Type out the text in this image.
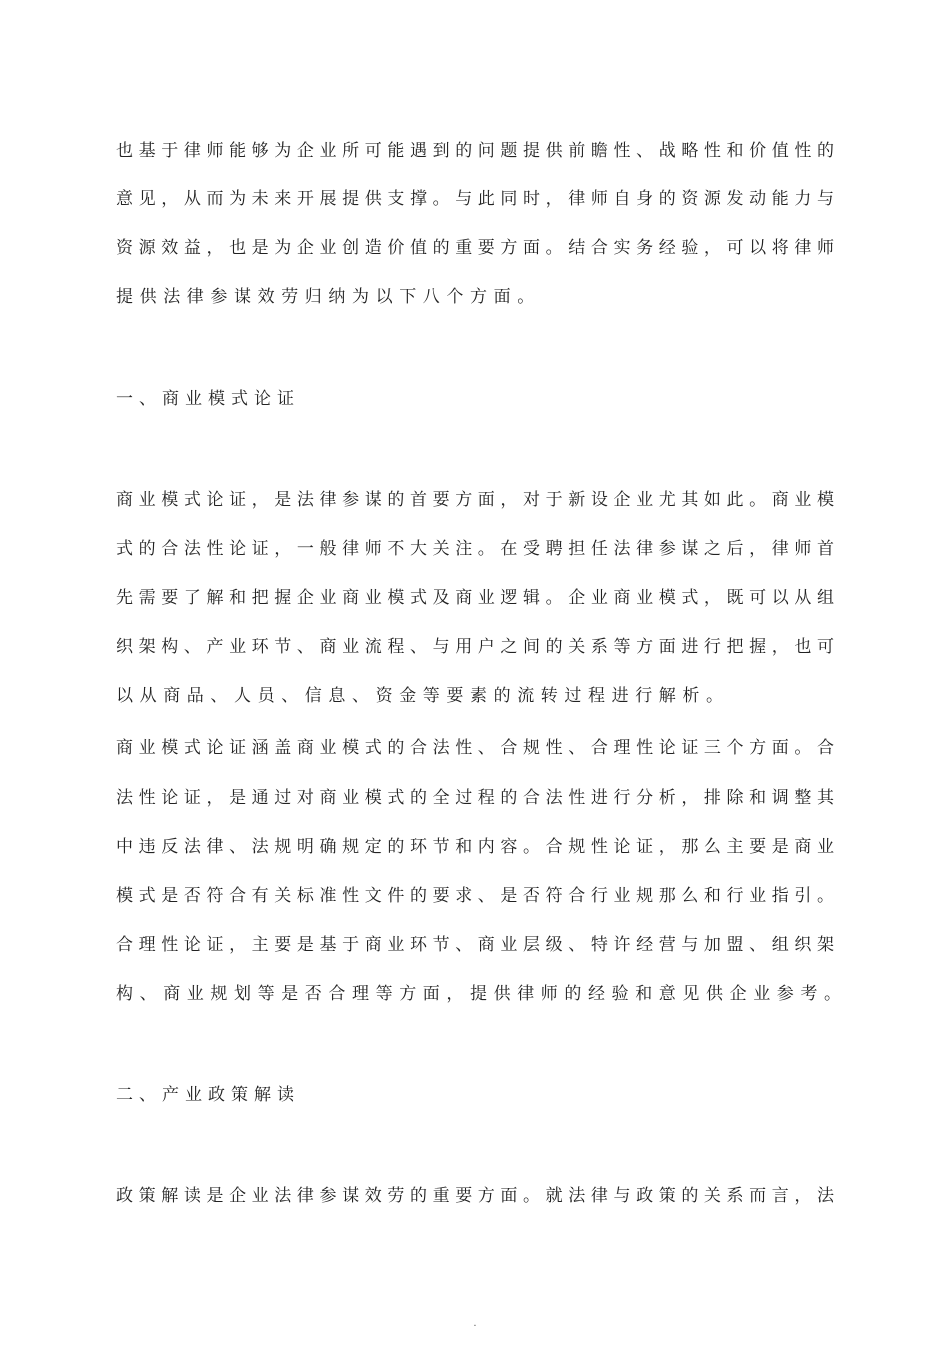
也基于律师能够为企业所可能遇到的问题提供前瞻性、战略性和价值性的
意见，从而为未来开展提供支撑。与此同时，律师自身的资源发动能力与
资源效益，也是为企业创造价值的重要方面。结合实务经验，可以将律师
提供法律参谋效劳归纳为以下八个方面。
一、商业模式论证
商业模式论证，是法律参谋的首要方面，对于新设企业尤其如此。商业模
式的合法性论证，一般律师不大关注。在受聘担任法律参谋之后，律师首
先需要了解和把握企业商业模式及商业逻辑。企业商业模式，既可以从组
织架构、产业环节、商业流程、与用户之间的关系等方面进行把握，也可
以从商品、人员、信息、资金等要素的流转过程进行解析。
商业模式论证涵盖商业模式的合法性、合规性、合理性论证三个方面。合
法性论证，是通过对商业模式的全过程的合法性进行分析，排除和调整其
中违反法律、法规明确规定的环节和内容。合规性论证，那么主要是商业
模式是否符合有关标准性文件的要求、是否符合行业规那么和行业指引。
合理性论证，主要是基于商业环节、商业层级、特许经营与加盟、组织架
构、商业规划等是否合理等方面，提供律师的经验和意见供企业参考。
二、产业政策解读
政策解读是企业法律参谋效劳的重要方面。就法律与政策的关系而言，法
.
